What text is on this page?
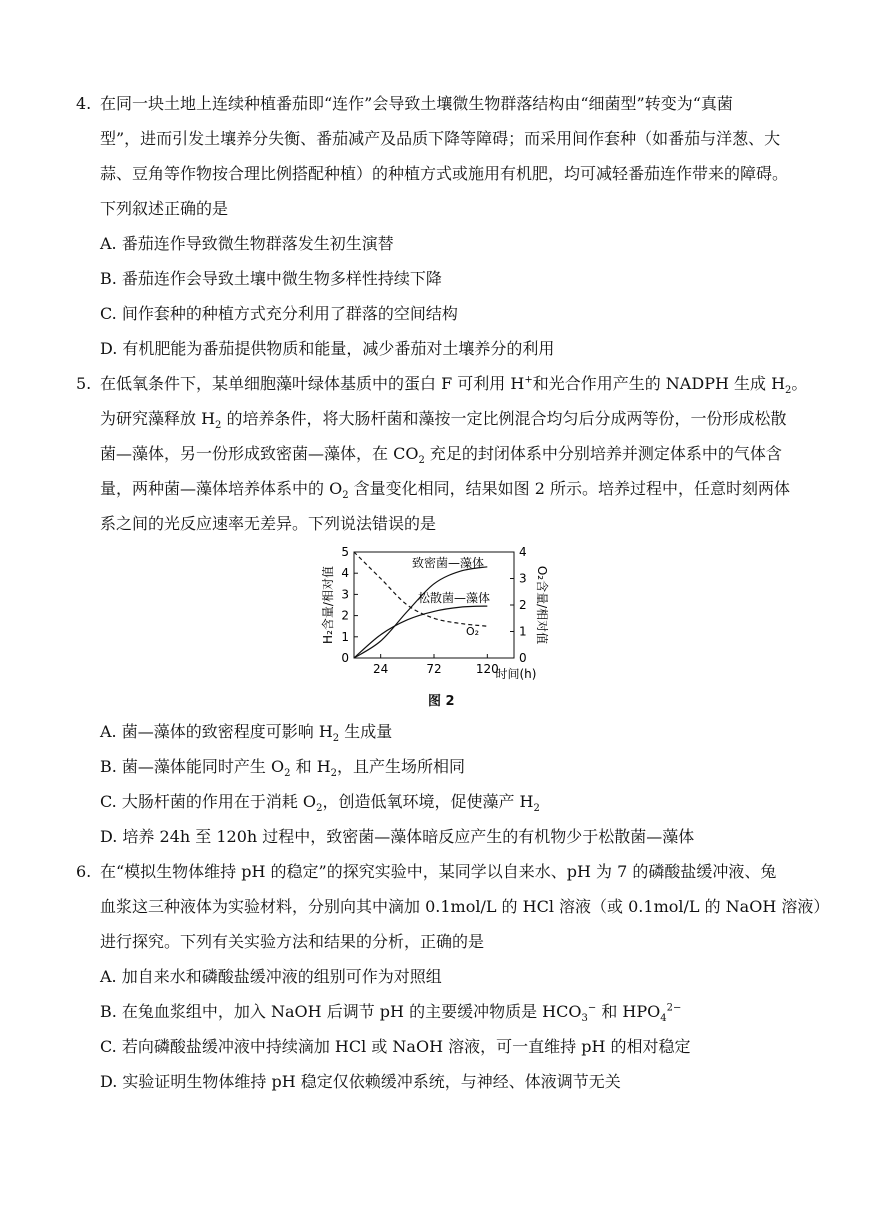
4. 在同一块土地上连续种植番茄即“连作”会导致土壤微生物群落结构由“细菌型”转变为“真菌
型”，进而引发土壤养分失衡、番茄减产及品质下降等障碍；而采用间作套种（如番茄与洋葱、大
蒜、豆角等作物按合理比例搭配种植）的种植方式或施用有机肥，均可减轻番茄连作带来的障碍。
下列叙述正确的是
A. 番茄连作导致微生物群落发生初生演替
B. 番茄连作会导致土壤中微生物多样性持续下降
C. 间作套种的种植方式充分利用了群落的空间结构
D. 有机肥能为番茄提供物质和能量，减少番茄对土壤养分的利用
5. 在低氧条件下，某单细胞藻叶绿体基质中的蛋白 F 可利用 H+和光合作用产生的 NADPH 生成 $H_2$。
为研究藻释放 $H_2$ 的培养条件，将大肠杆菌和藻按一定比例混合均匀后分成两等份，一份形成松散
菌—藻体，另一份形成致密菌—藻体，在 $CO_2$ 充足的封闭体系中分别培养并测定体系中的气体含
量，两种菌—藻体培养体系中的 $O_2$ 含量变化相同，结果如图 2 所示。培养过程中，任意时刻两体
系之间的光反应速率无差异。下列说法错误的是
0
1
2
3
4
5
0
1
2
3
4
24	72	120
H₂含量/相对值	O₂含量/相对值
时间(h)
致密菌—藻体
松散菌—藻体
O₂
图 2
A. 菌—藻体的致密程度可影响 $H_2$ 生成量
B. 菌—藻体能同时产生 $O_2$ 和 $H_2$，且产生场所相同
C. 大肠杆菌的作用在于消耗 $O_2$，创造低氧环境，促使藻产 $H_2$
D. 培养 24h 至 120h 过程中，致密菌—藻体暗反应产生的有机物少于松散菌—藻体
6. 在“模拟生物体维持 pH 的稳定”的探究实验中，某同学以自来水、pH 为 7 的磷酸盐缓冲液、兔
血浆这三种液体为实验材料，分别向其中滴加 0.1mol/L 的 HCl 溶液（或 0.1mol/L 的 NaOH 溶液）
进行探究。下列有关实验方法和结果的分析，正确的是
A. 加自来水和磷酸盐缓冲液的组别可作为对照组
B. 在兔血浆组中，加入 NaOH 后调节 pH 的主要缓冲物质是 $HCO_3^-$ 和 $HPO_4^{2-}$
C. 若向磷酸盐缓冲液中持续滴加 HCl 或 NaOH 溶液，可一直维持 pH 的相对稳定
D. 实验证明生物体维持 pH 稳定仅依赖缓冲系统，与神经、体液调节无关
